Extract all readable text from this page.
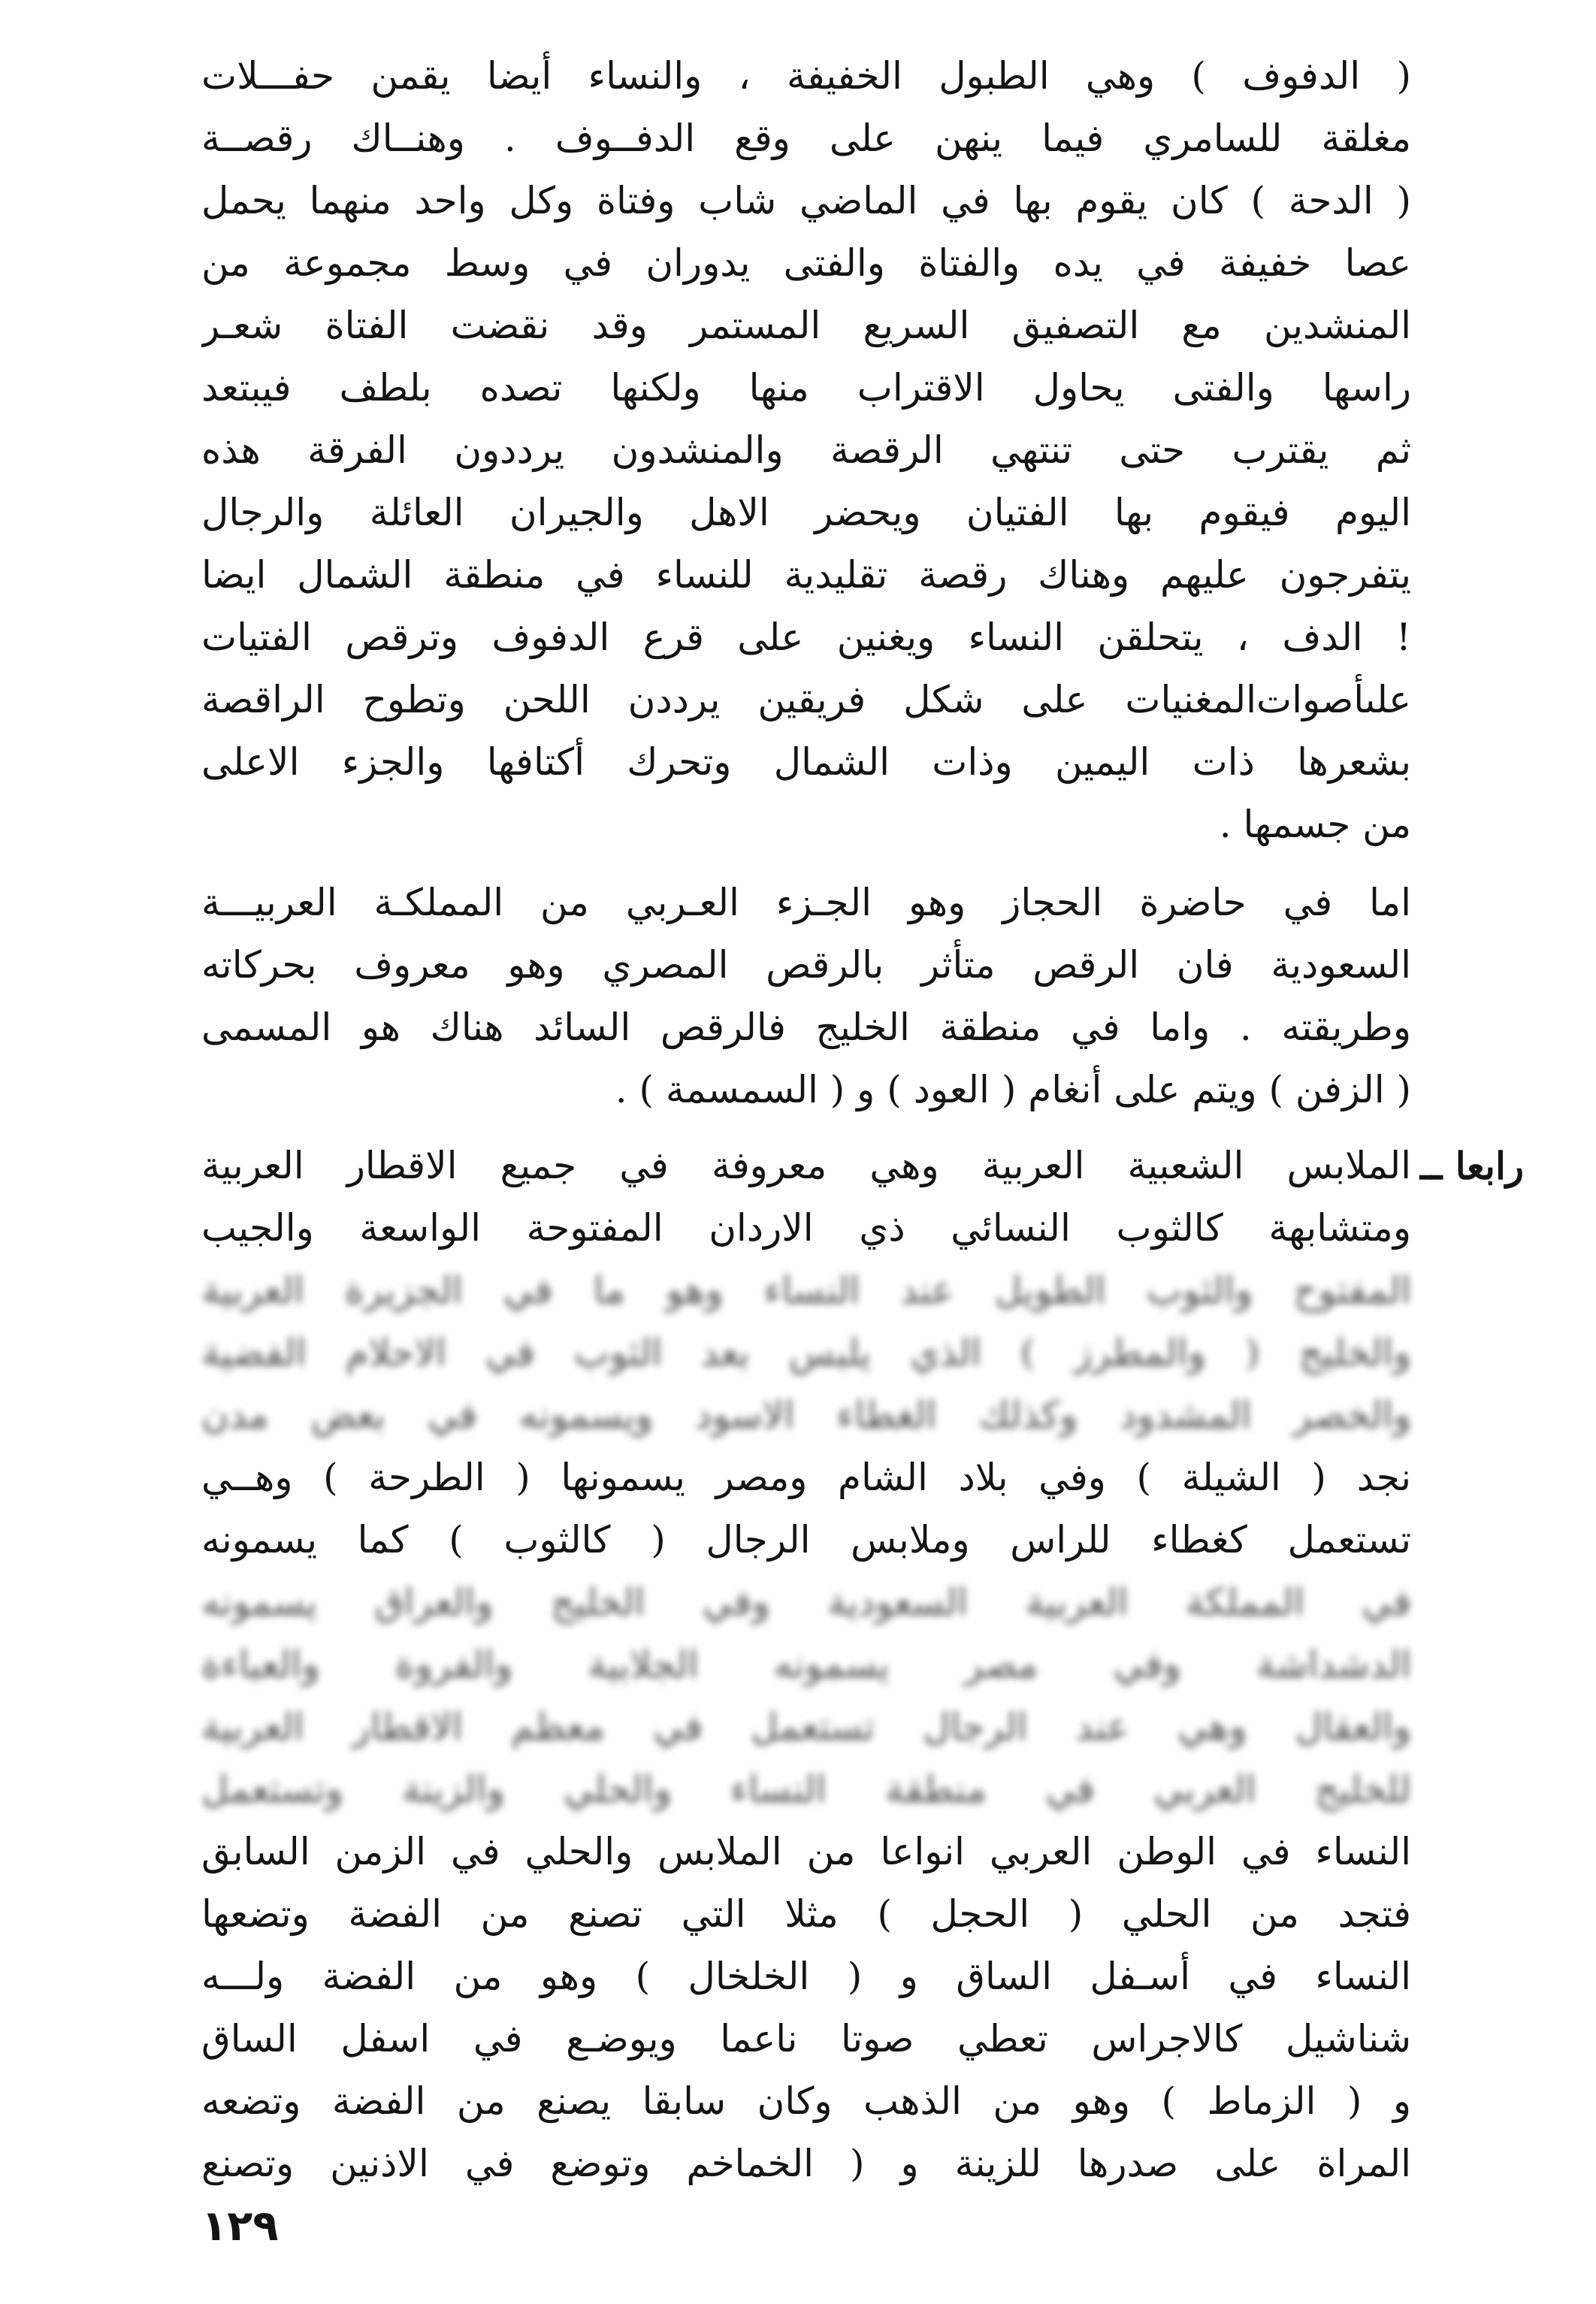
( الدفوف ) وهي الطبول الخفيفة ، والنساء أيضا يقمن حفـــلات
مغلقة للسامري فيما ينهن على وقع الدفــوف . وهنــاك رقصــة
( الدحة ) كان يقوم بها في الماضي شاب وفتاة وكل واحد منهما يحمل
عصا خفيفة في يده والفتاة والفتى يدوران في وسط مجموعة من
المنشدين مع التصفيق السريع المستمر وقد نقضت الفتاة شعـر
راسها والفتى يحاول الاقتراب منها ولكنها تصده بلطف فيبتعد
ثم يقترب حتى تنتهي الرقصة والمنشدون يرددون الفرقة هذه
اليوم فيقوم بها الفتيان ويحضر الاهل والجيران العائلة والرجال
يتفرجون عليهم وهناك رقصة تقليدية للنساء في منطقة الشمال ايضا
! الدف ، يتحلقن النساء ويغنين على قرع الدفوف وترقص الفتيات
علىأصوات‌المغنيات على شكل فريقين يرددن اللحن وتطوح الراقصة
بشعرها ذات اليمين وذات الشمال وتحرك أكتافها والجزء الاعلى
من جسمها .
اما في حاضرة الحجاز وهو الجـزء العـربي من المملكـة العربيـــة
السعودية فان الرقص متأثر بالرقص المصري وهو معروف بحركاته
وطريقته . واما في منطقة الخليج فالرقص السائد هناك هو المسمى
( الزفن ) ويتم على أنغام ( العود ) و ( السمسمة ) .
رابعا ــ
الملابس الشعبية العربية وهي معروفة في جميع الاقطار العربية
ومتشابهة كالثوب النسائي ذي الاردان المفتوحة الواسعة والجيب
المفتوح والثوب الطويل عند النساء وهو ما في الجزيرة العربية
والخليج ( والمطرز ) الذي يلبس بعد الثوب في الاحلام الفضية
والخصر المشدود وكذلك الغطاء الاسود ويسمونه في بعض مدن
نجد ( الشيلة ) وفي بلاد الشام ومصر يسمونها ( الطرحة ) وهــي
تستعمل كغطاء للراس وملابس الرجال ( كالثوب ) كما يسمونه
في المملكة العربية السعودية وفي الخليج والعراق يسمونه
الدشداشة وفي مصر يسمونه الجلابية والفروة والعباءة
والعقال وهي عند الرجال تستعمل في معظم الاقطار العربية
للخليج العربي في منطقة النساء والحلي والزينة وتستعمل
النساء في الوطن العربي انواعا من الملابس والحلي في الزمن السابق
فتجد من الحلي ( الحجل ) مثلا التي تصنع من الفضة وتضعها
النساء في أسـفل الساق و ( الخلخال ) وهو من الفضة ولـــه
شناشيل كالاجراس تعطي صوتا ناعما ويوضـع في اسفل الساق
و ( الزماط ) وهو من الذهب وكان سابقا يصنع من الفضة وتضعه
المراة على صدرها للزينة و ( الخماخم وتوضع في الاذنين وتصنع
١٢٩
